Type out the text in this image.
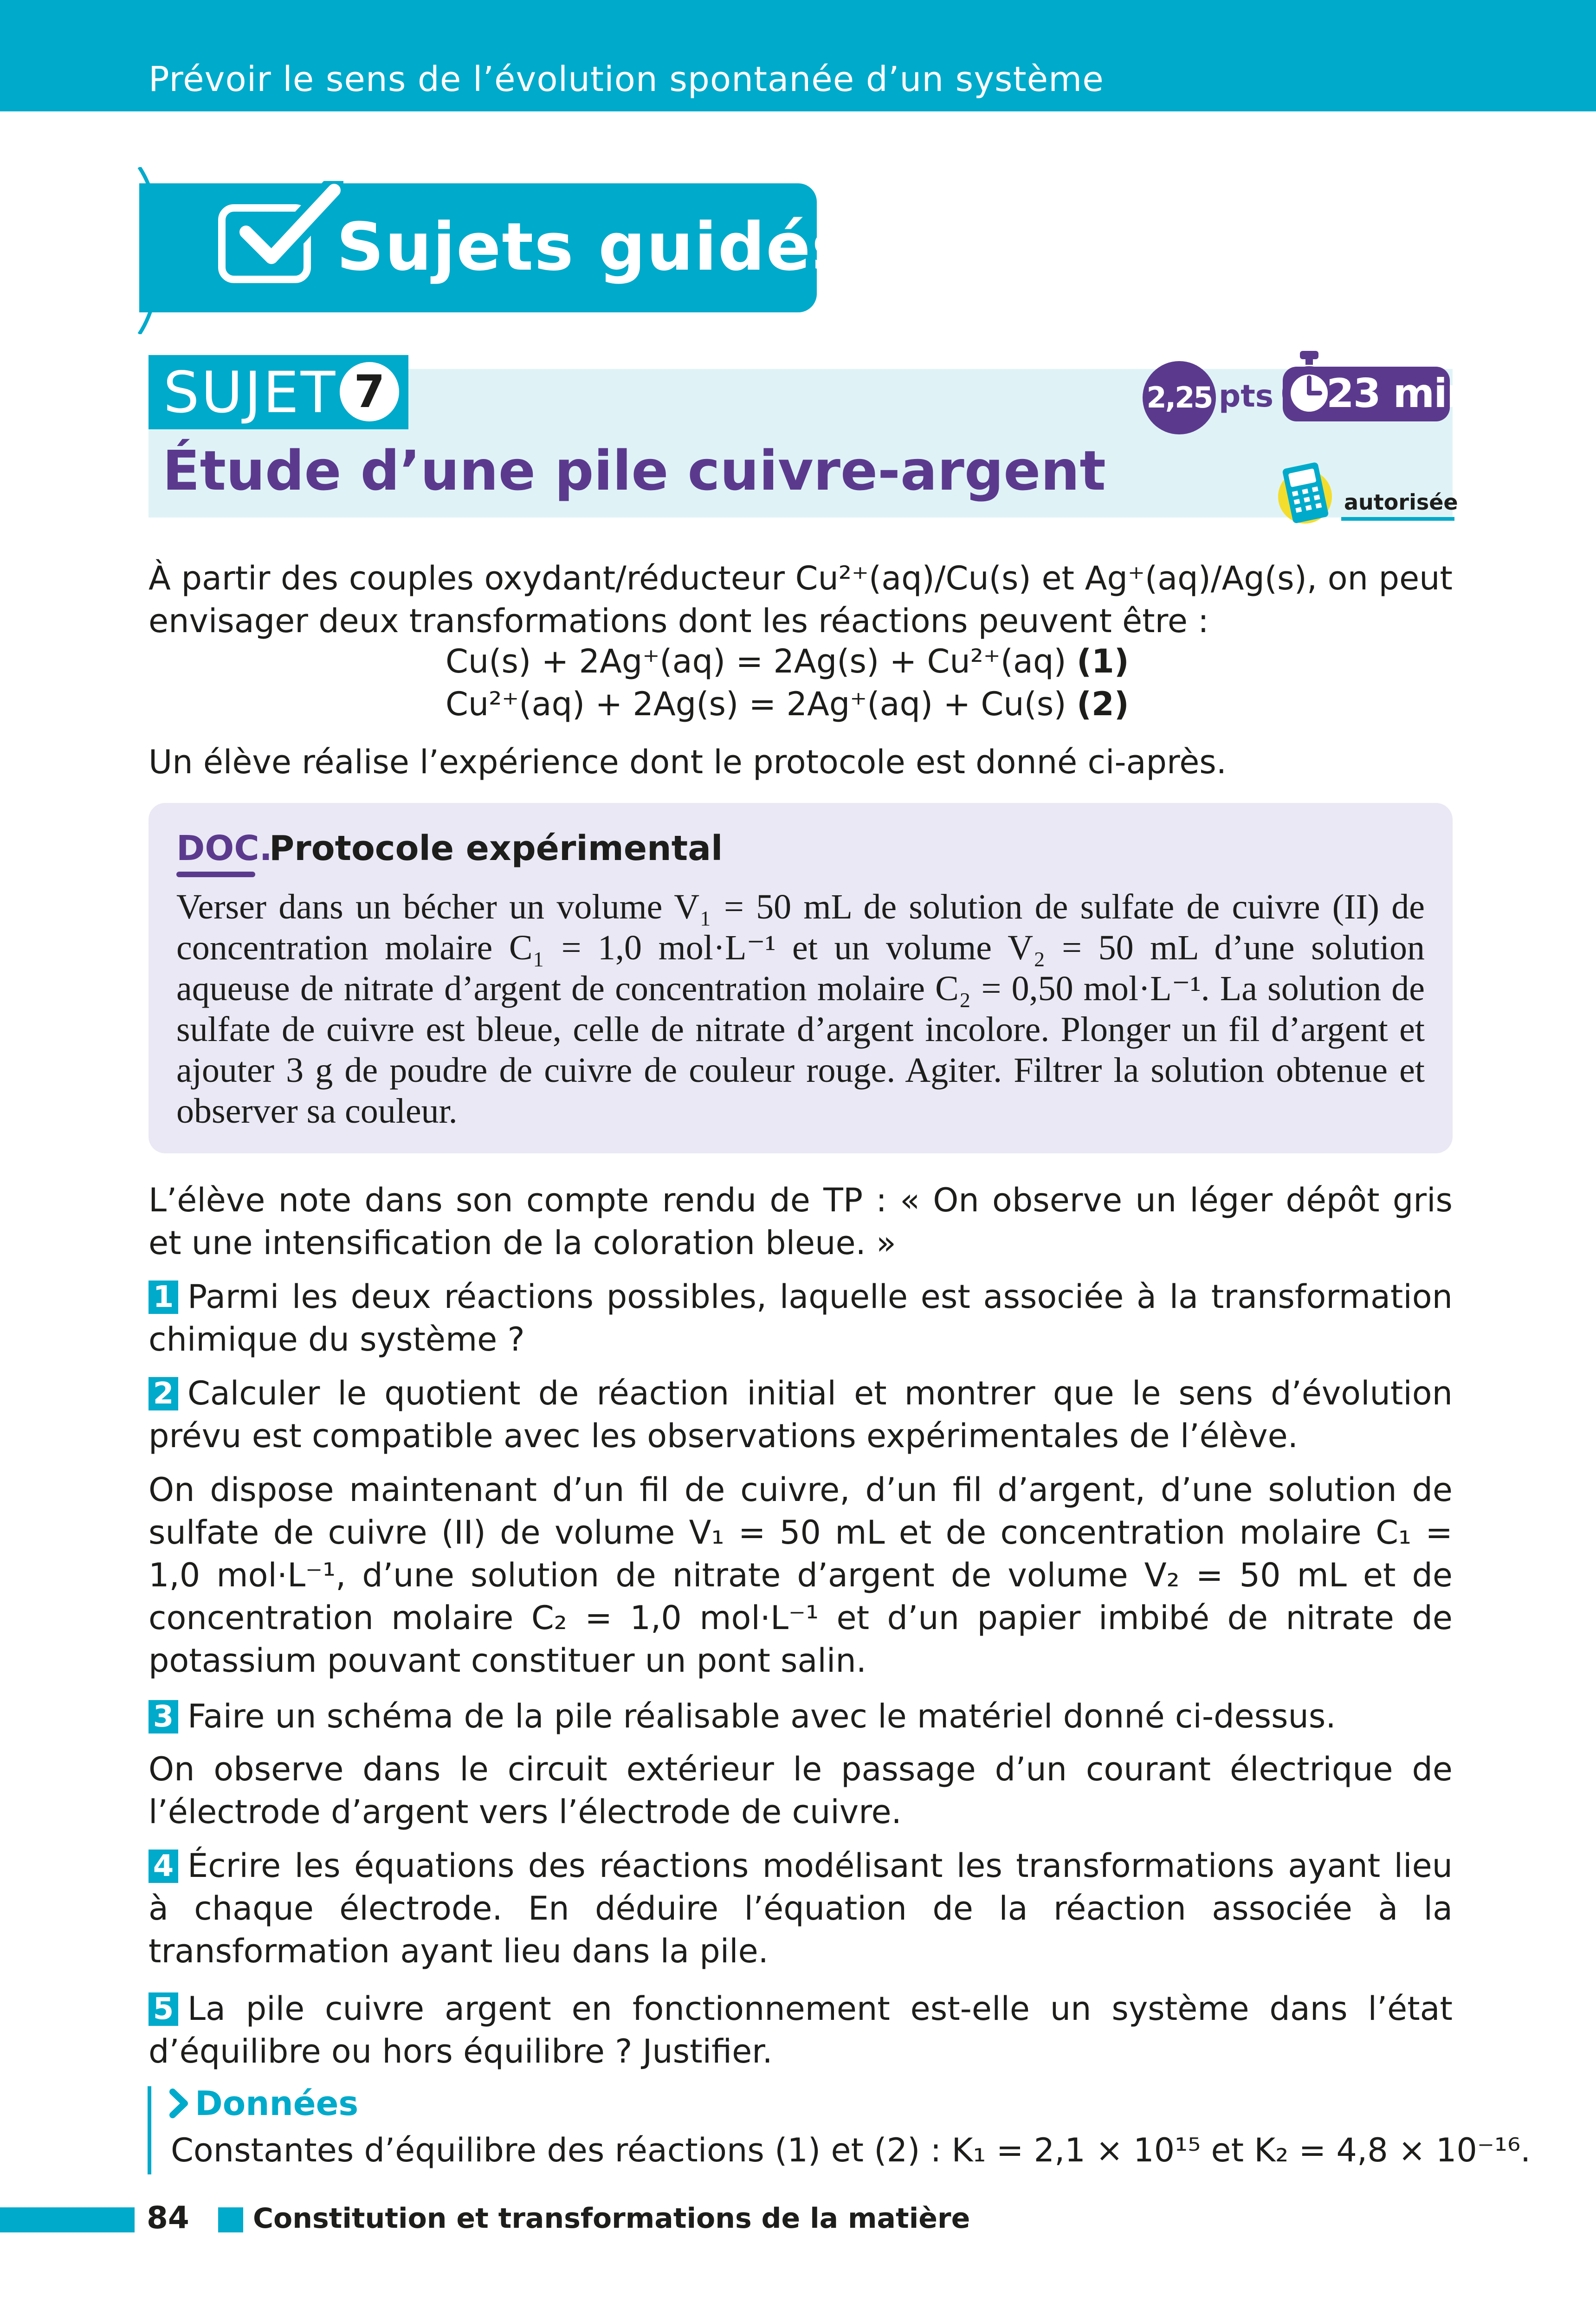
Prévoir le sens de l’évolution spontanée d’un système
Sujets guidés
SUJET 7
Étude d’une pile cuivre-argent
2,25 pts 23 min
autorisée
À partir des couples oxydant/réducteur Cu²⁺(aq)/Cu(s) et Ag⁺(aq)/Ag(s), on peut envisager deux transformations dont les réactions peuvent être :
Cu(s) + 2Ag⁺(aq) = 2Ag(s) + Cu²⁺(aq) (1)
Cu²⁺(aq) + 2Ag(s) = 2Ag⁺(aq) + Cu(s) (2)
Un élève réalise l’expérience dont le protocole est donné ci-après.
DOC.
Protocole expérimental
Verser dans un bécher un volume V₁ = 50 mL de solution de sulfate de cuivre (II) de concentration molaire C₁ = 1,0 mol·L⁻¹ et un volume V₂ = 50 mL d’une solution aqueuse de nitrate d’argent de concentration molaire C₂ = 0,50 mol·L⁻¹. La solution de sulfate de cuivre est bleue, celle de nitrate d’argent incolore. Plonger un fil d’argent et ajouter 3 g de poudre de cuivre de couleur rouge. Agiter. Filtrer la solution obtenue et observer sa couleur.
L’élève note dans son compte rendu de TP : « On observe un léger dépôt gris et une intensification de la coloration bleue. »
1 Parmi les deux réactions possibles, laquelle est associée à la transformation chimique du système ?
2 Calculer le quotient de réaction initial et montrer que le sens d’évolution prévu est compatible avec les observations expérimentales de l’élève.
On dispose maintenant d’un fil de cuivre, d’un fil d’argent, d’une solution de sulfate de cuivre (II) de volume V₁ = 50 mL et de concentration molaire C₁ = 1,0 mol·L⁻¹, d’une solution de nitrate d’argent de volume V₂ = 50 mL et de concentration molaire C₂ = 1,0 mol·L⁻¹ et d’un papier imbibé de nitrate de potassium pouvant constituer un pont salin.
3 Faire un schéma de la pile réalisable avec le matériel donné ci-dessus.
On observe dans le circuit extérieur le passage d’un courant électrique de l’électrode d’argent vers l’électrode de cuivre.
4 Écrire les équations des réactions modélisant les transformations ayant lieu à chaque électrode. En déduire l’équation de la réaction associée à la transformation ayant lieu dans la pile.
5 La pile cuivre argent en fonctionnement est-elle un système dans l’état d’équilibre ou hors équilibre ? Justifier.
Données
Constantes d’équilibre des réactions (1) et (2) : K₁ = 2,1 × 10¹⁵ et K₂ = 4,8 × 10⁻¹⁶.
84 Constitution et transformations de la matière
